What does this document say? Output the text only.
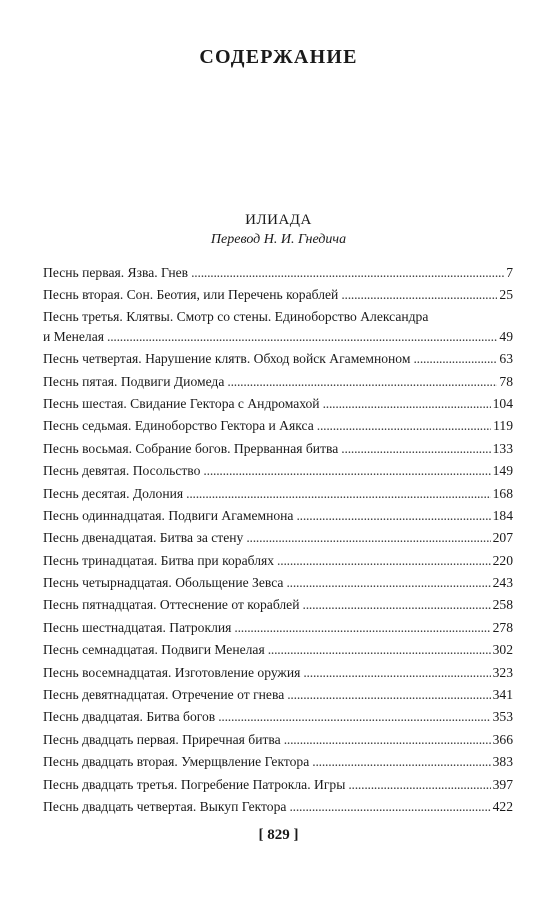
СОДЕРЖАНИЕ
ИЛИАДА
Перевод Н. И. Гнедича
Песнь первая. Язва. Гнев . . .	7
Песнь вторая. Сон. Беотия, или Перечень кораблей . . .	25
Песнь третья. Клятвы. Смотр со стены. Единоборство Александра
и Менелая . . .	49
Песнь четвертая. Нарушение клятв. Обход войск Агамемноном . . .	63
Песнь пятая. Подвиги Диомеда . . .	78
Песнь шестая. Свидание Гектора с Андромахой . . .	104
Песнь седьмая. Единоборство Гектора и Аякса . . .	119
Песнь восьмая. Собрание богов. Прерванная битва . . .	133
Песнь девятая. Посольство . . .	149
Песнь десятая. Долония . . .	168
Песнь одиннадцатая. Подвиги Агамемнона . . .	184
Песнь двенадцатая. Битва за стену . . .	207
Песнь тринадцатая. Битва при кораблях . . .	220
Песнь четырнадцатая. Обольщение Зевса . . .	243
Песнь пятнадцатая. Оттеснение от кораблей . . .	258
Песнь шестнадцатая. Патроклия . . .	278
Песнь семнадцатая. Подвиги Менелая . . .	302
Песнь восемнадцатая. Изготовление оружия . . .	323
Песнь девятнадцатая. Отречение от гнева . . .	341
Песнь двадцатая. Битва богов . . .	353
Песнь двадцать первая. Приречная битва . . .	366
Песнь двадцать вторая. Умерщвление Гектора . . .	383
Песнь двадцать третья. Погребение Патрокла. Игры . . .	397
Песнь двадцать четвертая. Выкуп Гектора . . .	422
[ 829 ]
